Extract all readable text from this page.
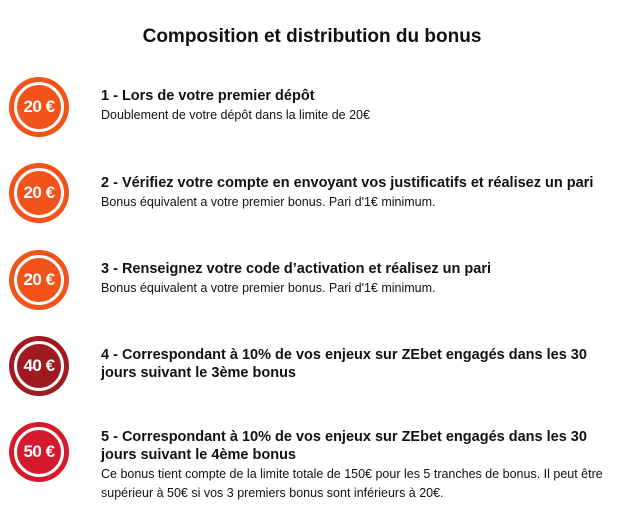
Composition et distribution du bonus
20 €
1 - Lors de votre premier dépôt
Doublement de votre dépôt dans la limite de 20€
20 €	2 - Vérifiez votre compte en envoyant vos justificatifs et réalisez un pari
Bonus équivalent a votre premier bonus. Pari d'1€ minimum.
20 €
3 - Renseignez votre code d’activation et réalisez un pari
Bonus équivalent a votre premier bonus. Pari d'1€ minimum.
40 €
4 - Correspondant à 10% de vos enjeux sur ZEbet engagés dans les 30 jours suivant le 3ème bonus
50 €
5 - Correspondant à 10% de vos enjeux sur ZEbet engagés dans les 30 jours suivant le 4ème bonus
Ce bonus tient compte de la limite totale de 150€ pour les 5 tranches de bonus. Il peut être supérieur à 50€ si vos 3 premiers bonus sont inférieurs à 20€.
